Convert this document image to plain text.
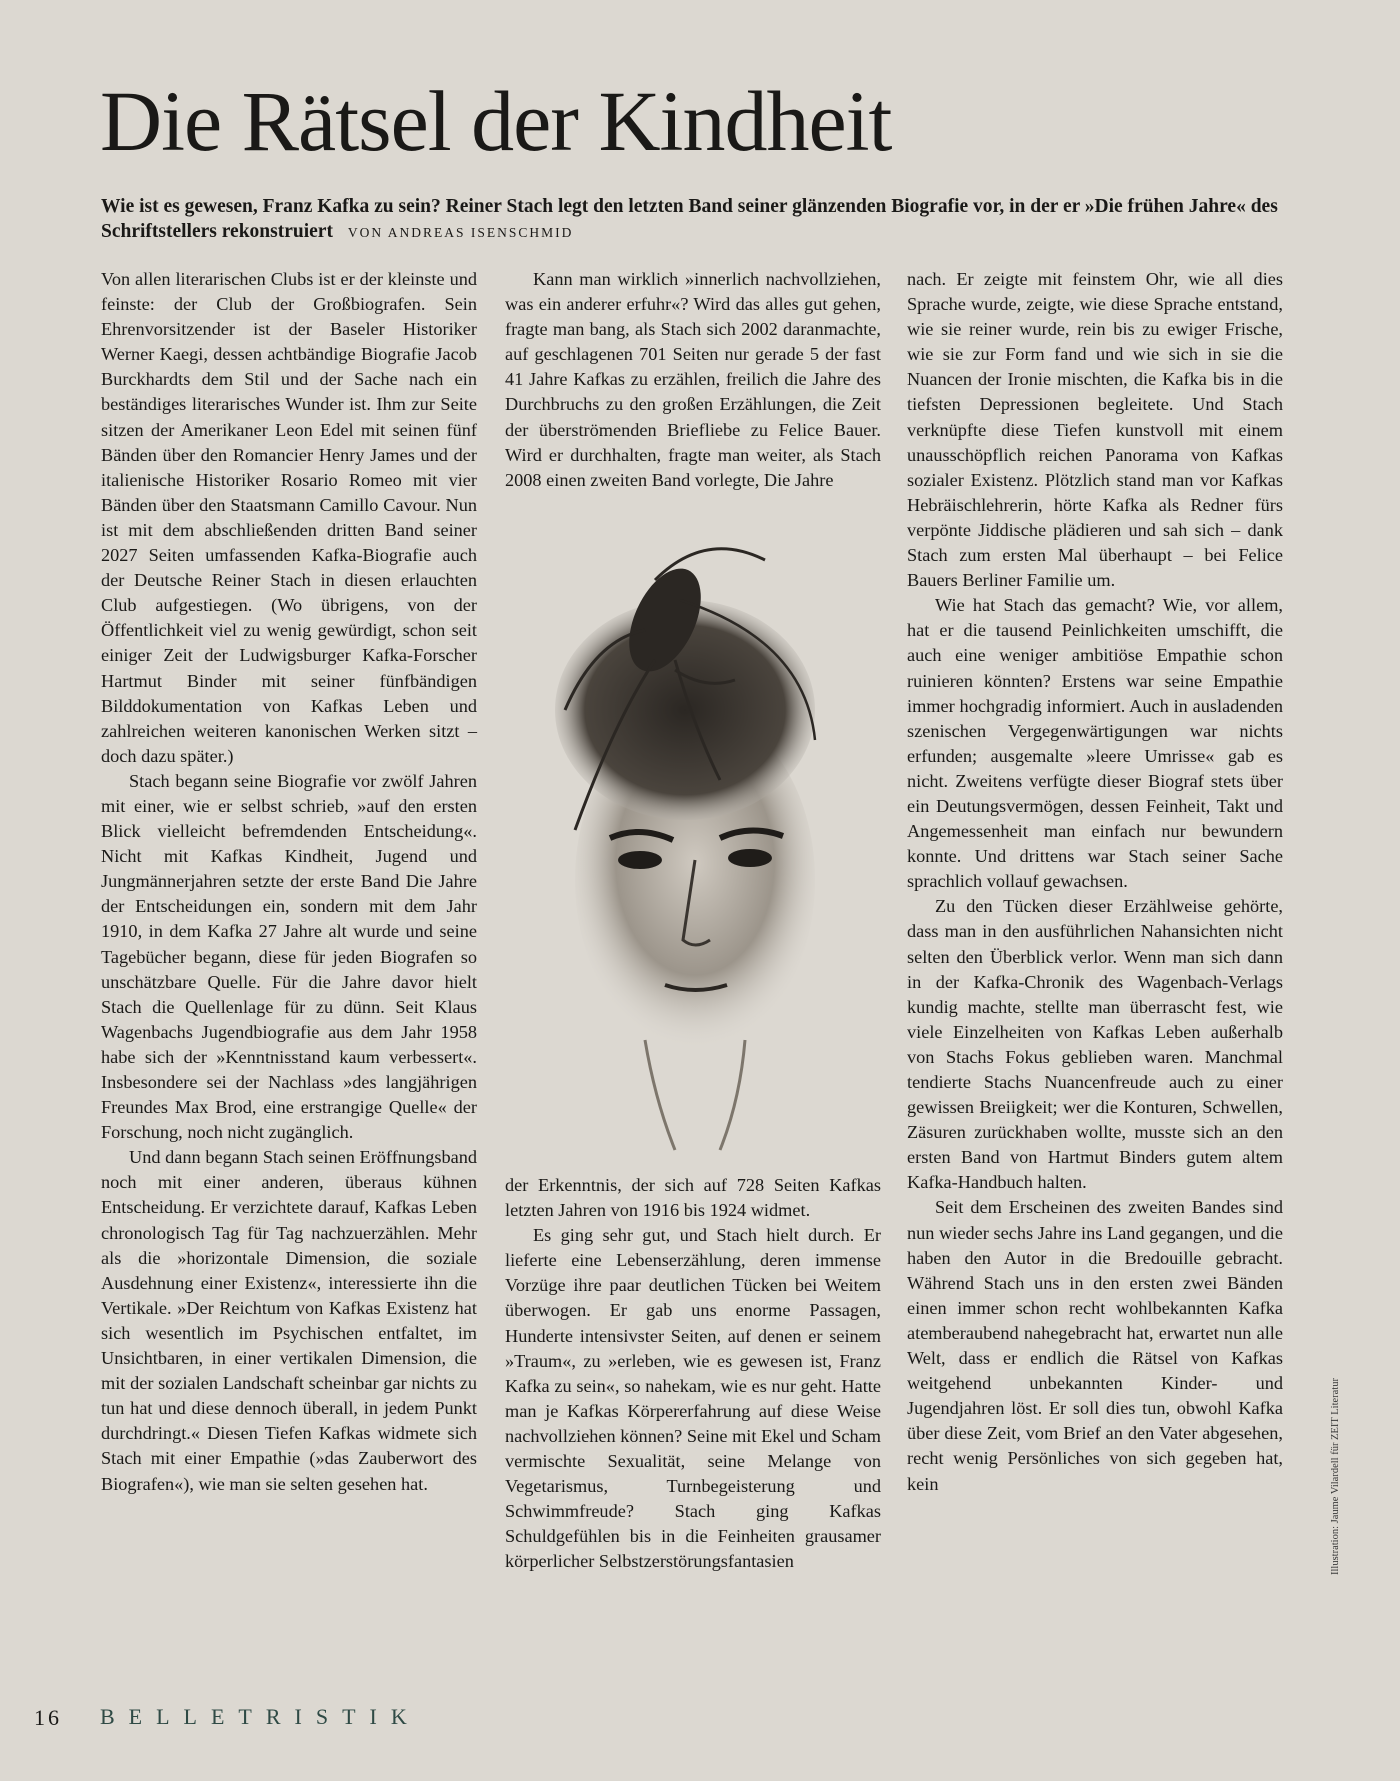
Die Rätsel der Kindheit
Wie ist es gewesen, Franz Kafka zu sein? Reiner Stach legt den letzten Band seiner glänzenden Biografie vor, in der er »Die frühen Jahre« des Schriftstellers rekonstruiert VON ANDREAS ISENSCHMID

Von allen literarischen Clubs ist er der kleinste und feinste: der Club der Großbiografen. Sein Ehrenvorsitzender ist der Baseler Historiker Werner Kaegi, dessen achtbändige Biografie Jacob Burckhardts dem Stil und der Sache nach ein beständiges literarisches Wunder ist. Ihm zur Seite sitzen der Amerikaner Leon Edel mit seinen fünf Bänden über den Romancier Henry James und der italienische Historiker Rosario Romeo mit vier Bänden über den Staatsmann Camillo Cavour. Nun ist mit dem abschließenden dritten Band seiner 2027 Seiten umfassenden Kafka-Biografie auch der Deutsche Reiner Stach in diesen erlauchten Club aufgestiegen. (Wo übrigens, von der Öffentlichkeit viel zu wenig gewürdigt, schon seit einiger Zeit der Ludwigsburger Kafka-Forscher Hartmut Binder mit seiner fünfbändigen Bilddokumentation von Kafkas Leben und zahlreichen weiteren kanonischen Werken sitzt – doch dazu später.)

Stach begann seine Biografie vor zwölf Jahren mit einer, wie er selbst schrieb, »auf den ersten Blick vielleicht befremdenden Entscheidung«. Nicht mit Kafkas Kindheit, Jugend und Jungmännerjahren setzte der erste Band Die Jahre der Entscheidungen ein, sondern mit dem Jahr 1910, in dem Kafka 27 Jahre alt wurde und seine Tagebücher begann, diese für jeden Biografen so unschätzbare Quelle. Für die Jahre davor hielt Stach die Quellenlage für zu dünn. Seit Klaus Wagenbachs Jugendbiografie aus dem Jahr 1958 habe sich der »Kenntnisstand kaum verbessert«. Insbesondere sei der Nachlass »des langjährigen Freundes Max Brod, eine erstrangige Quelle« der Forschung, noch nicht zugänglich.

Und dann begann Stach seinen Eröffnungsband noch mit einer anderen, überaus kühnen Entscheidung. Er verzichtete darauf, Kafkas Leben chronologisch Tag für Tag nachzuerzählen. Mehr als die »horizontale Dimension, die soziale Ausdehnung einer Existenz«, interessierte ihn die Vertikale. »Der Reichtum von Kafkas Existenz hat sich wesentlich im Psychischen entfaltet, im Unsichtbaren, in einer vertikalen Dimension, die mit der sozialen Landschaft scheinbar gar nichts zu tun hat und diese dennoch überall, in jedem Punkt durchdringt.« Diesen Tiefen Kafkas widmete sich Stach mit einer Empathie (»das Zauberwort des Biografen«), wie man sie selten gesehen hat.

Kann man wirklich »innerlich nachvollziehen, was ein anderer erfuhr«? Wird das alles gut gehen, fragte man bang, als Stach sich 2002 daranmachte, auf geschlagenen 701 Seiten nur gerade 5 der fast 41 Jahre Kafkas zu erzählen, freilich die Jahre des Durchbruchs zu den großen Erzählungen, die Zeit der überströmenden Briefliebe zu Felice Bauer. Wird er durchhalten, fragte man weiter, als Stach 2008 einen zweiten Band vorlegte, Die Jahre

der Erkenntnis, der sich auf 728 Seiten Kafkas letzten Jahren von 1916 bis 1924 widmet.

Es ging sehr gut, und Stach hielt durch. Er lieferte eine Lebenserzählung, deren immense Vorzüge ihre paar deutlichen Tücken bei Weitem überwogen. Er gab uns enorme Passagen, Hunderte intensivster Seiten, auf denen er seinem »Traum«, zu »erleben, wie es gewesen ist, Franz Kafka zu sein«, so nahekam, wie es nur geht. Hatte man je Kafkas Körpererfahrung auf diese Weise nachvollziehen können? Seine mit Ekel und Scham vermischte Sexualität, seine Melange von Vegetarismus, Turnbegeisterung und Schwimmfreude? Stach ging Kafkas Schuldgefühlen bis in die Feinheiten grausamer körperlicher Selbstzerstörungsfantasien

nach. Er zeigte mit feinstem Ohr, wie all dies Sprache wurde, zeigte, wie diese Sprache entstand, wie sie reiner wurde, rein bis zu ewiger Frische, wie sie zur Form fand und wie sich in sie die Nuancen der Ironie mischten, die Kafka bis in die tiefsten Depressionen begleitete. Und Stach verknüpfte diese Tiefen kunstvoll mit einem unausschöpflich reichen Panorama von Kafkas sozialer Existenz. Plötzlich stand man vor Kafkas Hebräischlehrerin, hörte Kafka als Redner fürs verpönte Jiddische plädieren und sah sich – dank Stach zum ersten Mal überhaupt – bei Felice Bauers Berliner Familie um.

Wie hat Stach das gemacht? Wie, vor allem, hat er die tausend Peinlichkeiten umschifft, die auch eine weniger ambitiöse Empathie schon ruinieren könnten? Erstens war seine Empathie immer hochgradig informiert. Auch in ausladenden szenischen Vergegenwärtigungen war nichts erfunden; ausgemalte »leere Umrisse« gab es nicht. Zweitens verfügte dieser Biograf stets über ein Deutungsvermögen, dessen Feinheit, Takt und Angemessenheit man einfach nur bewundern konnte. Und drittens war Stach seiner Sache sprachlich vollauf gewachsen.

Zu den Tücken dieser Erzählweise gehörte, dass man in den ausführlichen Nahansichten nicht selten den Überblick verlor. Wenn man sich dann in der Kafka-Chronik des Wagenbach-Verlags kundig machte, stellte man überrascht fest, wie viele Einzelheiten von Kafkas Leben außerhalb von Stachs Fokus geblieben waren. Manchmal tendierte Stachs Nuancenfreude auch zu einer gewissen Breiigkeit; wer die Konturen, Schwellen, Zäsuren zurückhaben wollte, musste sich an den ersten Band von Hartmut Binders gutem altem Kafka-Handbuch halten.

Seit dem Erscheinen des zweiten Bandes sind nun wieder sechs Jahre ins Land gegangen, und die haben den Autor in die Bredouille gebracht. Während Stach uns in den ersten zwei Bänden einen immer schon recht wohlbekannten Kafka atemberaubend nahegebracht hat, erwartet nun alle Welt, dass er endlich die Rätsel von Kafkas weitgehend unbekannten Kinder- und Jugendjahren löst. Er soll dies tun, obwohl Kafka über diese Zeit, vom Brief an den Vater abgesehen, recht wenig Persönliches von sich gegeben hat, kein	Illustration: Jaume Vilardell für ZEIT Literatur
16 BELLETRISTIK
